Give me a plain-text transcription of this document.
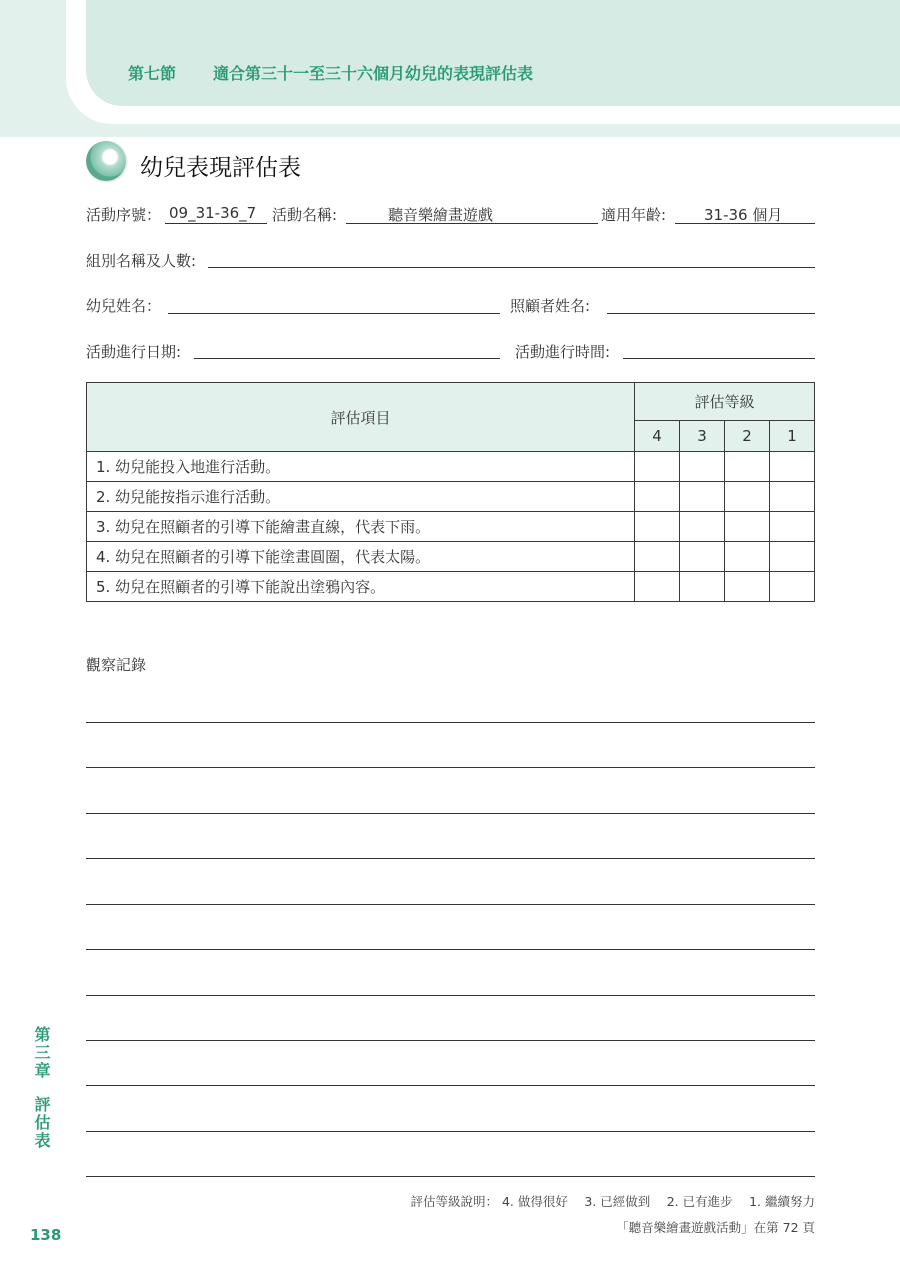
第七節 適合第三十一至三十六個月幼兒的表現評估表
幼兒表現評估表
活動序號： 09_31-36_7 活動名稱:	聽音樂繪畫遊戲	適用年齡:	31-36 個月
組別名稱及人數:
幼兒姓名：	照顧者姓名:
活動進行日期:	活動進行時間:
評估項目	評估等級			
	4	3	2	1
1. 幼兒能投入地進行活動。				
2. 幼兒能按指示進行活動。				
3. 幼兒在照顧者的引導下能繪畫直線，代表下雨。				
4. 幼兒在照顧者的引導下能塗畫圓圈，代表太陽。				
5. 幼兒在照顧者的引導下能說出塗鴉內容。				
觀察記錄
第三章
評估表
138
評估等級說明： 4. 做得很好　 3. 已經做到　 2. 已有進步　 1. 繼續努力
「聽音樂繪畫遊戲活動」在第 72 頁
